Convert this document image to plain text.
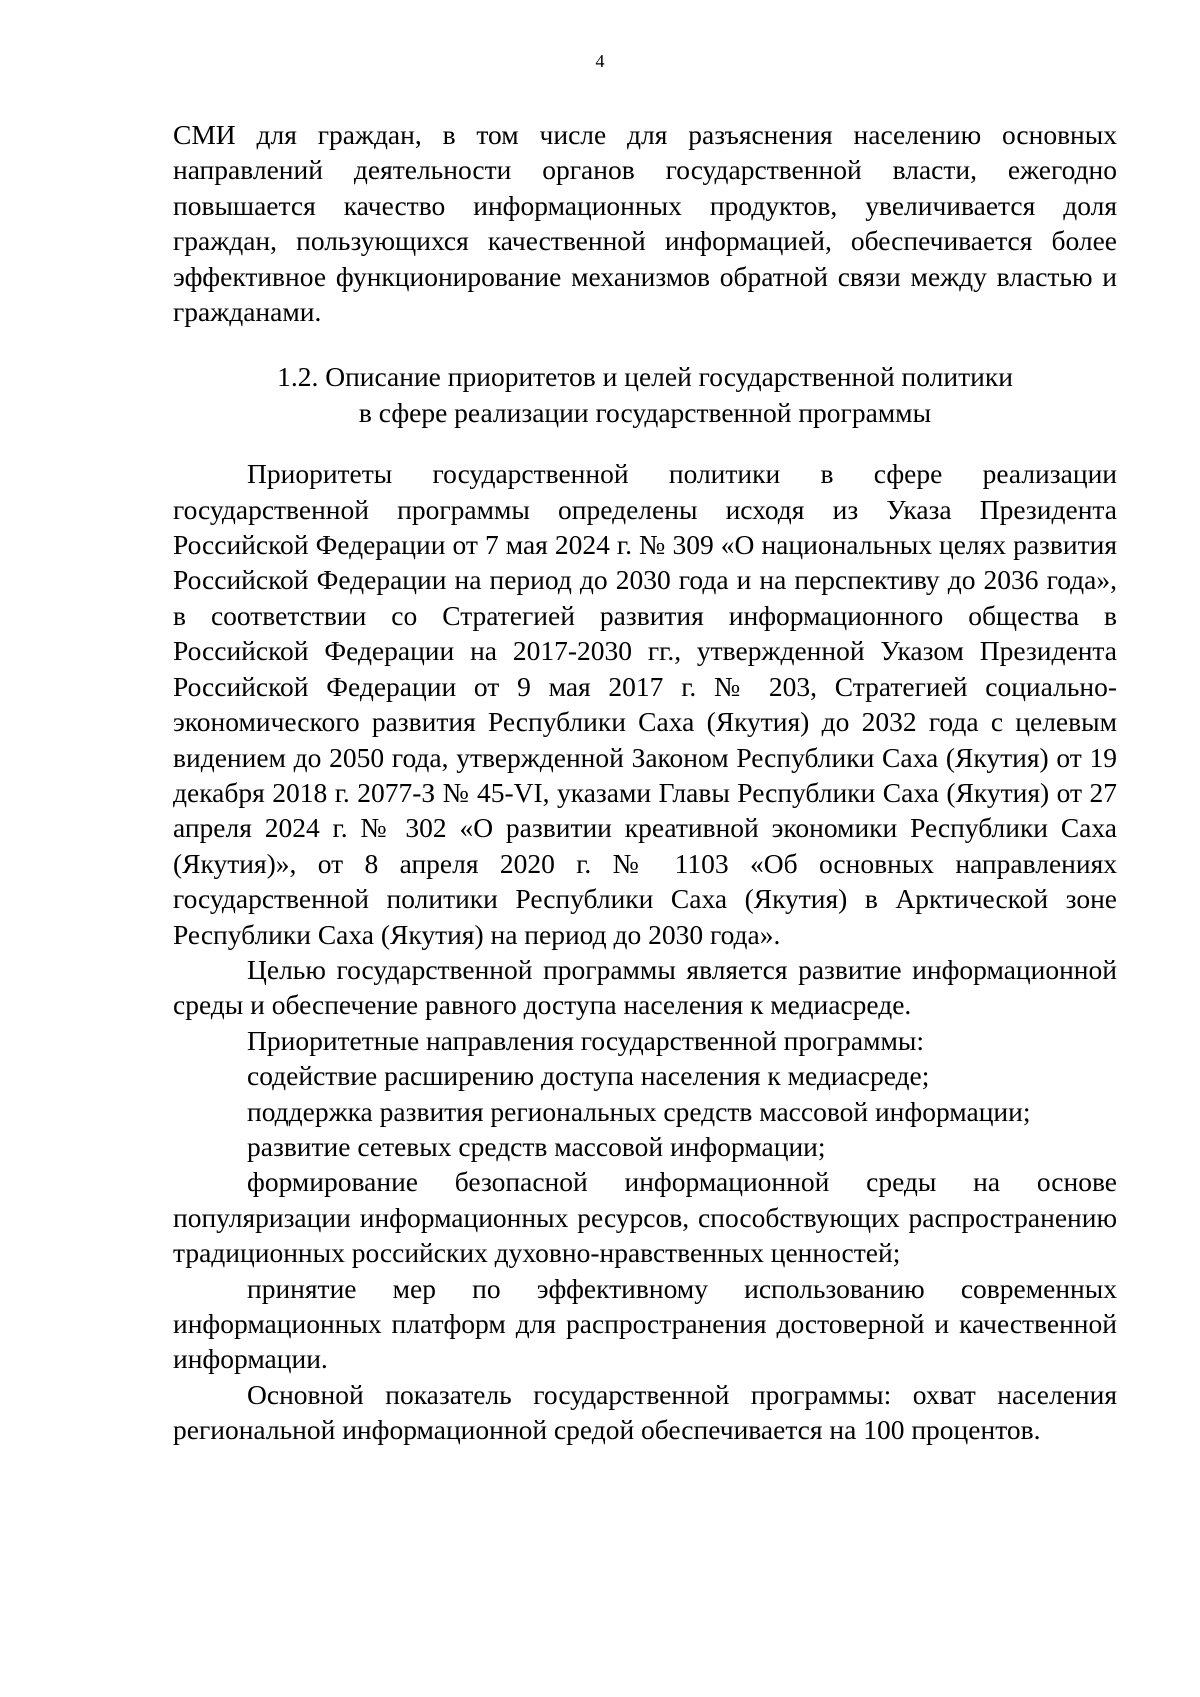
4

СМИ для граждан, в том числе для разъяснения населению основных направлений деятельности органов государственной власти, ежегодно повышается качество информационных продуктов, увеличивается доля граждан, пользующихся качественной информацией, обеспечивается более эффективное функционирование механизмов обратной связи между властью и гражданами.

1.2. Описание приоритетов и целей государственной политики
в сфере реализации государственной программы

Приоритеты государственной политики в сфере реализации государственной программы определены исходя из Указа Президента Российской Федерации от 7 мая 2024 г. № 309 «О национальных целях развития Российской Федерации на период до 2030 года и на перспективу до 2036 года», в соответствии со Стратегией развития информационного общества в Российской Федерации на 2017-2030 гг., утвержденной Указом Президента Российской Федерации от 9 мая 2017 г. № 203, Стратегией социально-экономического развития Республики Саха (Якутия) до 2032 года с целевым видением до 2050 года, утвержденной Законом Республики Саха (Якутия) от 19 декабря 2018 г. 2077-З № 45-VI, указами Главы Республики Саха (Якутия) от 27 апреля 2024 г. № 302 «О развитии креативной экономики Республики Саха (Якутия)», от 8 апреля 2020 г. № 1103 «Об основных направлениях государственной политики Республики Саха (Якутия) в Арктической зоне Республики Саха (Якутия) на период до 2030 года».

Целью государственной программы является развитие информационной среды и обеспечение равного доступа населения к медиасреде.

Приоритетные направления государственной программы:

содействие расширению доступа населения к медиасреде;

поддержка развития региональных средств массовой информации;

развитие сетевых средств массовой информации;

формирование безопасной информационной среды на основе популяризации информационных ресурсов, способствующих распространению традиционных российских духовно-нравственных ценностей;

принятие мер по эффективному использованию современных информационных платформ для распространения достоверной и качественной информации.

Основной показатель государственной программы: охват населения региональной информационной средой обеспечивается на 100 процентов.
